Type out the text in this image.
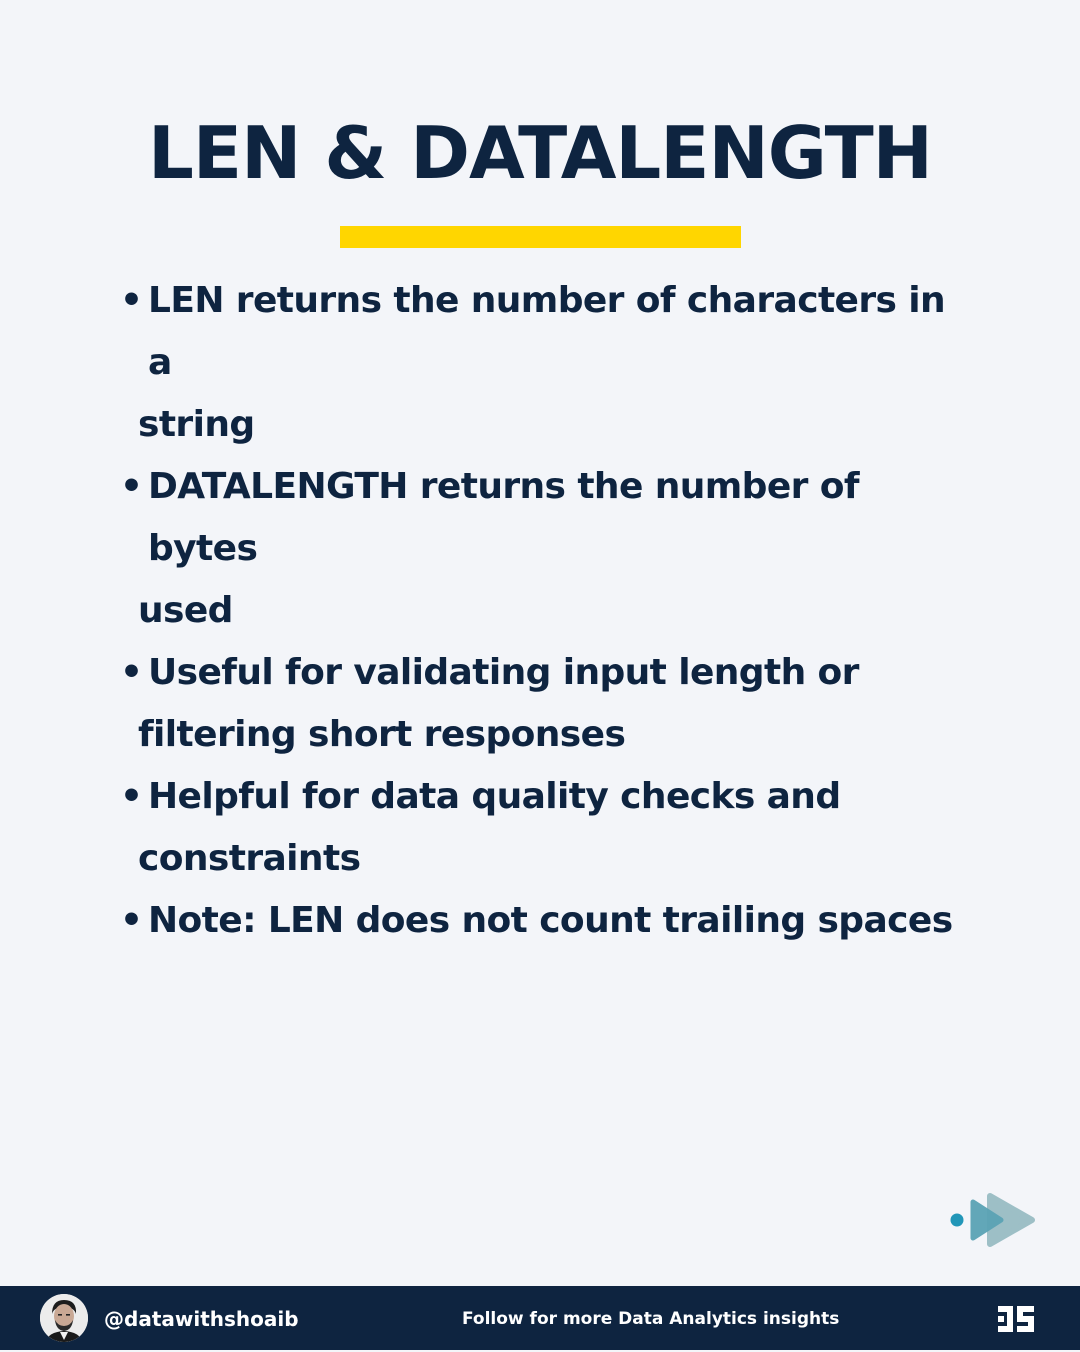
LEN & DATALENGTH
• LEN returns the number of characters in a
string
• DATALENGTH returns the number of bytes
used
• Useful for validating input length or
filtering short responses
• Helpful for data quality checks and
constraints
• Note: LEN does not count trailing spaces
@datawithshoaib	Follow for more Data Analytics insights
